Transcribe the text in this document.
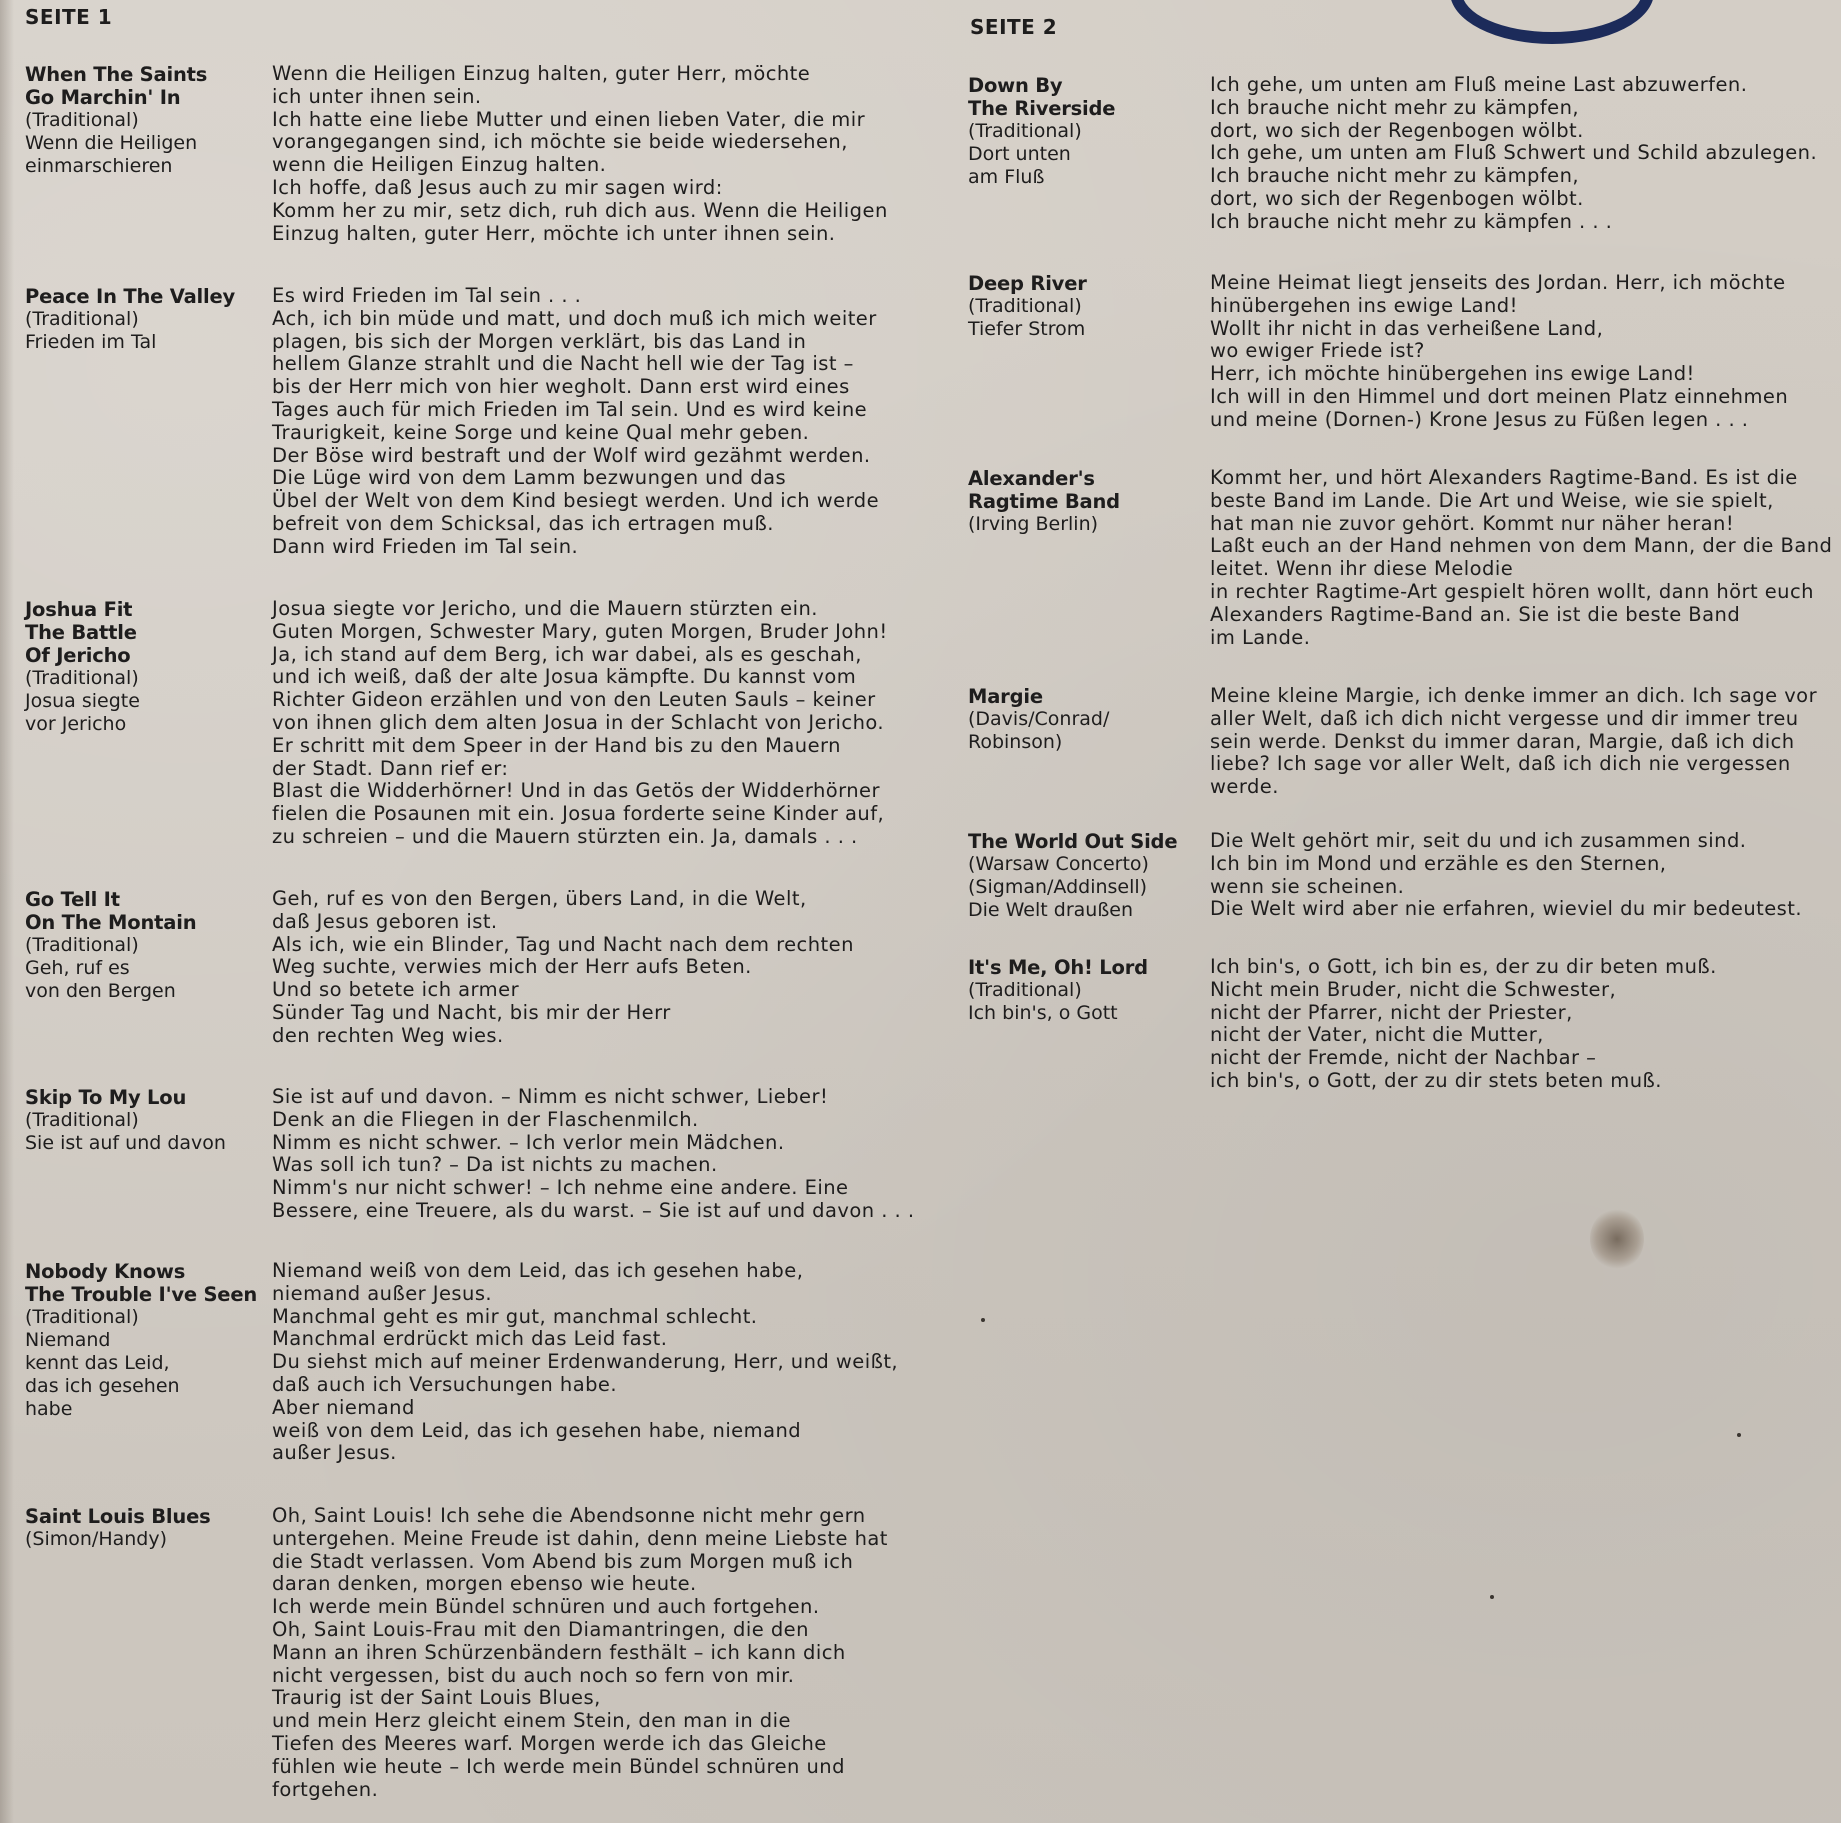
SEITE 1	SEITE 2
When The Saints
Go Marchin' In
(Traditional)
Wenn die Heiligen
einmarschieren
Wenn die Heiligen Einzug halten, guter Herr, möchte
ich unter ihnen sein.
Ich hatte eine liebe Mutter und einen lieben Vater, die mir
vorangegangen sind, ich möchte sie beide wiedersehen,
wenn die Heiligen Einzug halten.
Ich hoffe, daß Jesus auch zu mir sagen wird:
Komm her zu mir, setz dich, ruh dich aus. Wenn die Heiligen
Einzug halten, guter Herr, möchte ich unter ihnen sein.
Peace In The Valley
(Traditional)
Frieden im Tal
Es wird Frieden im Tal sein . . .
Ach, ich bin müde und matt, und doch muß ich mich weiter
plagen, bis sich der Morgen verklärt, bis das Land in
hellem Glanze strahlt und die Nacht hell wie der Tag ist –
bis der Herr mich von hier wegholt. Dann erst wird eines
Tages auch für mich Frieden im Tal sein. Und es wird keine
Traurigkeit, keine Sorge und keine Qual mehr geben.
Der Böse wird bestraft und der Wolf wird gezähmt werden.
Die Lüge wird von dem Lamm bezwungen und das
Übel der Welt von dem Kind besiegt werden. Und ich werde
befreit von dem Schicksal, das ich ertragen muß.
Dann wird Frieden im Tal sein.
Joshua Fit
The Battle
Of Jericho
(Traditional)
Josua siegte
vor Jericho
Josua siegte vor Jericho, und die Mauern stürzten ein.
Guten Morgen, Schwester Mary, guten Morgen, Bruder John!
Ja, ich stand auf dem Berg, ich war dabei, als es geschah,
und ich weiß, daß der alte Josua kämpfte. Du kannst vom
Richter Gideon erzählen und von den Leuten Sauls – keiner
von ihnen glich dem alten Josua in der Schlacht von Jericho.
Er schritt mit dem Speer in der Hand bis zu den Mauern
der Stadt. Dann rief er:
Blast die Widderhörner! Und in das Getös der Widderhörner
fielen die Posaunen mit ein. Josua forderte seine Kinder auf,
zu schreien – und die Mauern stürzten ein. Ja, damals . . .
Go Tell It
On The Montain
(Traditional)
Geh, ruf es
von den Bergen
Geh, ruf es von den Bergen, übers Land, in die Welt,
daß Jesus geboren ist.
Als ich, wie ein Blinder, Tag und Nacht nach dem rechten
Weg suchte, verwies mich der Herr aufs Beten.
Und so betete ich armer
Sünder Tag und Nacht, bis mir der Herr
den rechten Weg wies.
Skip To My Lou
(Traditional)
Sie ist auf und davon
Sie ist auf und davon. – Nimm es nicht schwer, Lieber!
Denk an die Fliegen in der Flaschenmilch.
Nimm es nicht schwer. – Ich verlor mein Mädchen.
Was soll ich tun? – Da ist nichts zu machen.
Nimm's nur nicht schwer! – Ich nehme eine andere. Eine
Bessere, eine Treuere, als du warst. – Sie ist auf und davon . . .
Nobody Knows
The Trouble I've Seen
(Traditional)
Niemand
kennt das Leid,
das ich gesehen
habe
Niemand weiß von dem Leid, das ich gesehen habe,
niemand außer Jesus.
Manchmal geht es mir gut, manchmal schlecht.
Manchmal erdrückt mich das Leid fast.
Du siehst mich auf meiner Erdenwanderung, Herr, und weißt,
daß auch ich Versuchungen habe.
Aber niemand
weiß von dem Leid, das ich gesehen habe, niemand
außer Jesus.
Saint Louis Blues
(Simon/Handy)
Oh, Saint Louis! Ich sehe die Abendsonne nicht mehr gern
untergehen. Meine Freude ist dahin, denn meine Liebste hat
die Stadt verlassen. Vom Abend bis zum Morgen muß ich
daran denken, morgen ebenso wie heute.
Ich werde mein Bündel schnüren und auch fortgehen.
Oh, Saint Louis-Frau mit den Diamantringen, die den
Mann an ihren Schürzenbändern festhält – ich kann dich
nicht vergessen, bist du auch noch so fern von mir.
Traurig ist der Saint Louis Blues,
und mein Herz gleicht einem Stein, den man in die
Tiefen des Meeres warf. Morgen werde ich das Gleiche
fühlen wie heute – Ich werde mein Bündel schnüren und
fortgehen.
Down By
The Riverside
(Traditional)
Dort unten
am Fluß
Ich gehe, um unten am Fluß meine Last abzuwerfen.
Ich brauche nicht mehr zu kämpfen,
dort, wo sich der Regenbogen wölbt.
Ich gehe, um unten am Fluß Schwert und Schild abzulegen.
Ich brauche nicht mehr zu kämpfen,
dort, wo sich der Regenbogen wölbt.
Ich brauche nicht mehr zu kämpfen . . .
Deep River
(Traditional)
Tiefer Strom
Meine Heimat liegt jenseits des Jordan. Herr, ich möchte
hinübergehen ins ewige Land!
Wollt ihr nicht in das verheißene Land,
wo ewiger Friede ist?
Herr, ich möchte hinübergehen ins ewige Land!
Ich will in den Himmel und dort meinen Platz einnehmen
und meine (Dornen-) Krone Jesus zu Füßen legen . . .
Alexander's
Ragtime Band
(Irving Berlin)
Kommt her, und hört Alexanders Ragtime-Band. Es ist die
beste Band im Lande. Die Art und Weise, wie sie spielt,
hat man nie zuvor gehört. Kommt nur näher heran!
Laßt euch an der Hand nehmen von dem Mann, der die Band
leitet. Wenn ihr diese Melodie
in rechter Ragtime-Art gespielt hören wollt, dann hört euch
Alexanders Ragtime-Band an. Sie ist die beste Band
im Lande.
Margie
(Davis/Conrad/
Robinson)
Meine kleine Margie, ich denke immer an dich. Ich sage vor
aller Welt, daß ich dich nicht vergesse und dir immer treu
sein werde. Denkst du immer daran, Margie, daß ich dich
liebe? Ich sage vor aller Welt, daß ich dich nie vergessen
werde.
The World Out Side
(Warsaw Concerto)
(Sigman/Addinsell)
Die Welt draußen
Die Welt gehört mir, seit du und ich zusammen sind.
Ich bin im Mond und erzähle es den Sternen,
wenn sie scheinen.
Die Welt wird aber nie erfahren, wieviel du mir bedeutest.
It's Me, Oh! Lord
(Traditional)
Ich bin's, o Gott
Ich bin's, o Gott, ich bin es, der zu dir beten muß.
Nicht mein Bruder, nicht die Schwester,
nicht der Pfarrer, nicht der Priester,
nicht der Vater, nicht die Mutter,
nicht der Fremde, nicht der Nachbar –
ich bin's, o Gott, der zu dir stets beten muß.
